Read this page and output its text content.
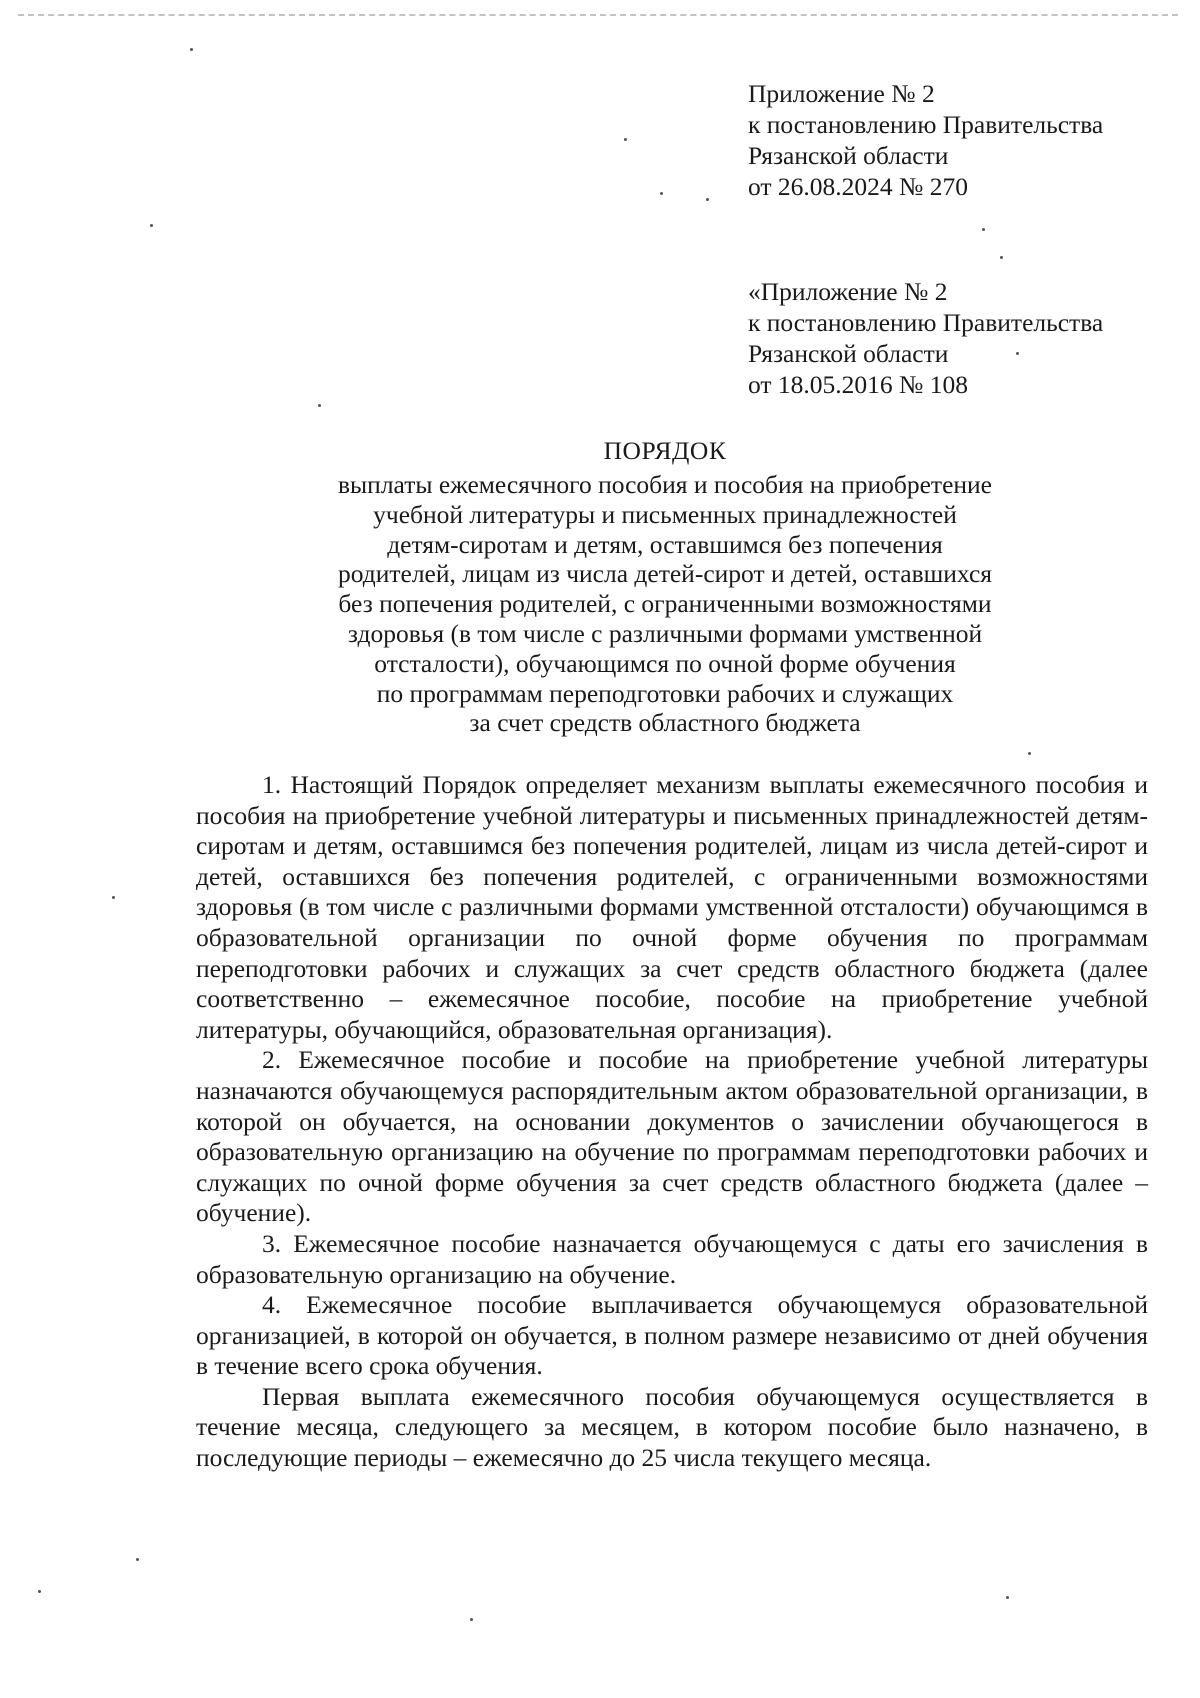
Приложение № 2
к постановлению Правительства
Рязанской области
от 26.08.2024 № 270
«Приложение № 2
к постановлению Правительства
Рязанской области
от 18.05.2016 № 108
ПОРЯДОК
выплаты ежемесячного пособия и пособия на приобретение
учебной литературы и письменных принадлежностей
детям-сиротам и детям, оставшимся без попечения
родителей, лицам из числа детей-сирот и детей, оставшихся
без попечения родителей, с ограниченными возможностями
здоровья (в том числе с различными формами умственной
отсталости), обучающимся по очной форме обучения
по программам переподготовки рабочих и служащих
за счет средств областного бюджета

1. Настоящий Порядок определяет механизм выплаты ежемесячного пособия и пособия на приобретение учебной литературы и письменных принадлежностей детям-сиротам и детям, оставшимся без попечения родителей, лицам из числа детей-сирот и детей, оставшихся без попечения родителей, с ограниченными возможностями здоровья (в том числе с различными формами умственной отсталости) обучающимся в образовательной организации по очной форме обучения по программам переподготовки рабочих и служащих за счет средств областного бюджета (далее соответственно – ежемесячное пособие, пособие на приобретение учебной литературы, обучающийся, образовательная организация).

2. Ежемесячное пособие и пособие на приобретение учебной литературы назначаются обучающемуся распорядительным актом образовательной организации, в которой он обучается, на основании документов о зачислении обучающегося в образовательную организацию на обучение по программам переподготовки рабочих и служащих по очной форме обучения за счет средств областного бюджета (далее – обучение).

3. Ежемесячное пособие назначается обучающемуся с даты его зачисления в образовательную организацию на обучение.

4. Ежемесячное пособие выплачивается обучающемуся образовательной организацией, в которой он обучается, в полном размере независимо от дней обучения в течение всего срока обучения.

Первая выплата ежемесячного пособия обучающемуся осуществляется в течение месяца, следующего за месяцем, в котором пособие было назначено, в последующие периоды – ежемесячно до 25 числа текущего месяца.
